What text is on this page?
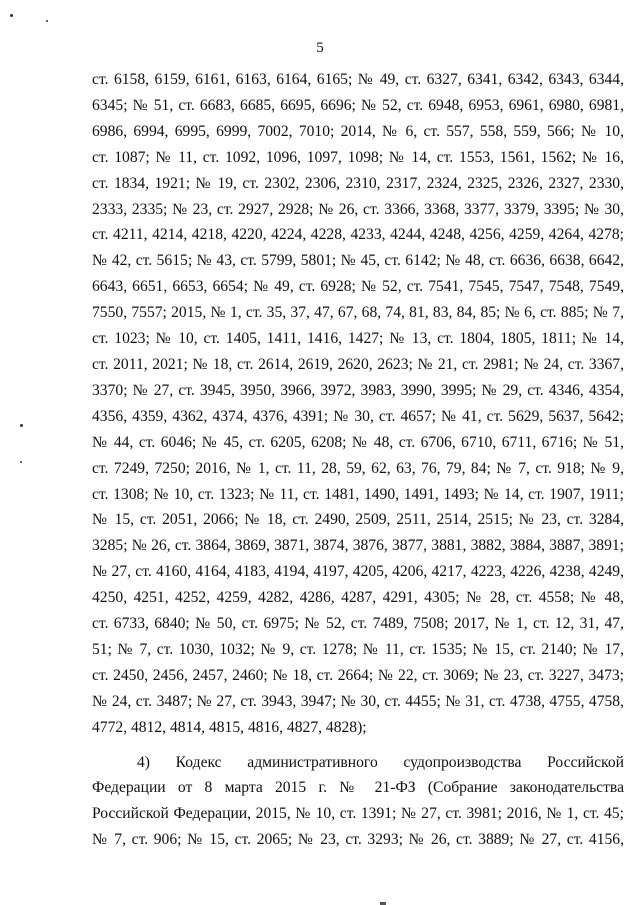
5
ст. 6158, 6159, 6161, 6163, 6164, 6165; № 49, ст. 6327, 6341, 6342, 6343, 6344,
6345; № 51, ст. 6683, 6685, 6695, 6696; № 52, ст. 6948, 6953, 6961, 6980, 6981,
6986, 6994, 6995, 6999, 7002, 7010; 2014, № 6, ст. 557, 558, 559, 566; № 10,
ст. 1087; № 11, ст. 1092, 1096, 1097, 1098; № 14, ст. 1553, 1561, 1562; № 16,
ст. 1834, 1921; № 19, ст. 2302, 2306, 2310, 2317, 2324, 2325, 2326, 2327, 2330,
2333, 2335; № 23, ст. 2927, 2928; № 26, ст. 3366, 3368, 3377, 3379, 3395; № 30,
ст. 4211, 4214, 4218, 4220, 4224, 4228, 4233, 4244, 4248, 4256, 4259, 4264, 4278;
№ 42, ст. 5615; № 43, ст. 5799, 5801; № 45, ст. 6142; № 48, ст. 6636, 6638, 6642,
6643, 6651, 6653, 6654; № 49, ст. 6928; № 52, ст. 7541, 7545, 7547, 7548, 7549,
7550, 7557; 2015, № 1, ст. 35, 37, 47, 67, 68, 74, 81, 83, 84, 85; № 6, ст. 885; № 7,
ст. 1023; № 10, ст. 1405, 1411, 1416, 1427; № 13, ст. 1804, 1805, 1811; № 14,
ст. 2011, 2021; № 18, ст. 2614, 2619, 2620, 2623; № 21, ст. 2981; № 24, ст. 3367,
3370; № 27, ст. 3945, 3950, 3966, 3972, 3983, 3990, 3995; № 29, ст. 4346, 4354,
4356, 4359, 4362, 4374, 4376, 4391; № 30, ст. 4657; № 41, ст. 5629, 5637, 5642;
№ 44, ст. 6046; № 45, ст. 6205, 6208; № 48, ст. 6706, 6710, 6711, 6716; № 51,
ст. 7249, 7250; 2016, № 1, ст. 11, 28, 59, 62, 63, 76, 79, 84; № 7, ст. 918; № 9,
ст. 1308; № 10, ст. 1323; № 11, ст. 1481, 1490, 1491, 1493; № 14, ст. 1907, 1911;
№ 15, ст. 2051, 2066; № 18, ст. 2490, 2509, 2511, 2514, 2515; № 23, ст. 3284,
3285; № 26, ст. 3864, 3869, 3871, 3874, 3876, 3877, 3881, 3882, 3884, 3887, 3891;
№ 27, ст. 4160, 4164, 4183, 4194, 4197, 4205, 4206, 4217, 4223, 4226, 4238, 4249,
4250, 4251, 4252, 4259, 4282, 4286, 4287, 4291, 4305; № 28, ст. 4558; № 48,
ст. 6733, 6840; № 50, ст. 6975; № 52, ст. 7489, 7508; 2017, № 1, ст. 12, 31, 47,
51; № 7, ст. 1030, 1032; № 9, ст. 1278; № 11, ст. 1535; № 15, ст. 2140; № 17,
ст. 2450, 2456, 2457, 2460; № 18, ст. 2664; № 22, ст. 3069; № 23, ст. 3227, 3473;
№ 24, ст. 3487; № 27, ст. 3943, 3947; № 30, ст. 4455; № 31, ст. 4738, 4755, 4758,
4772, 4812, 4814, 4815, 4816, 4827, 4828);
4) Кодекс административного судопроизводства Российской
Федерации от 8 марта 2015 г. № 21-ФЗ (Собрание законодательства
Российской Федерации, 2015, № 10, ст. 1391; № 27, ст. 3981; 2016, № 1, ст. 45;
№ 7, ст. 906; № 15, ст. 2065; № 23, ст. 3293; № 26, ст. 3889; № 27, ст. 4156,
